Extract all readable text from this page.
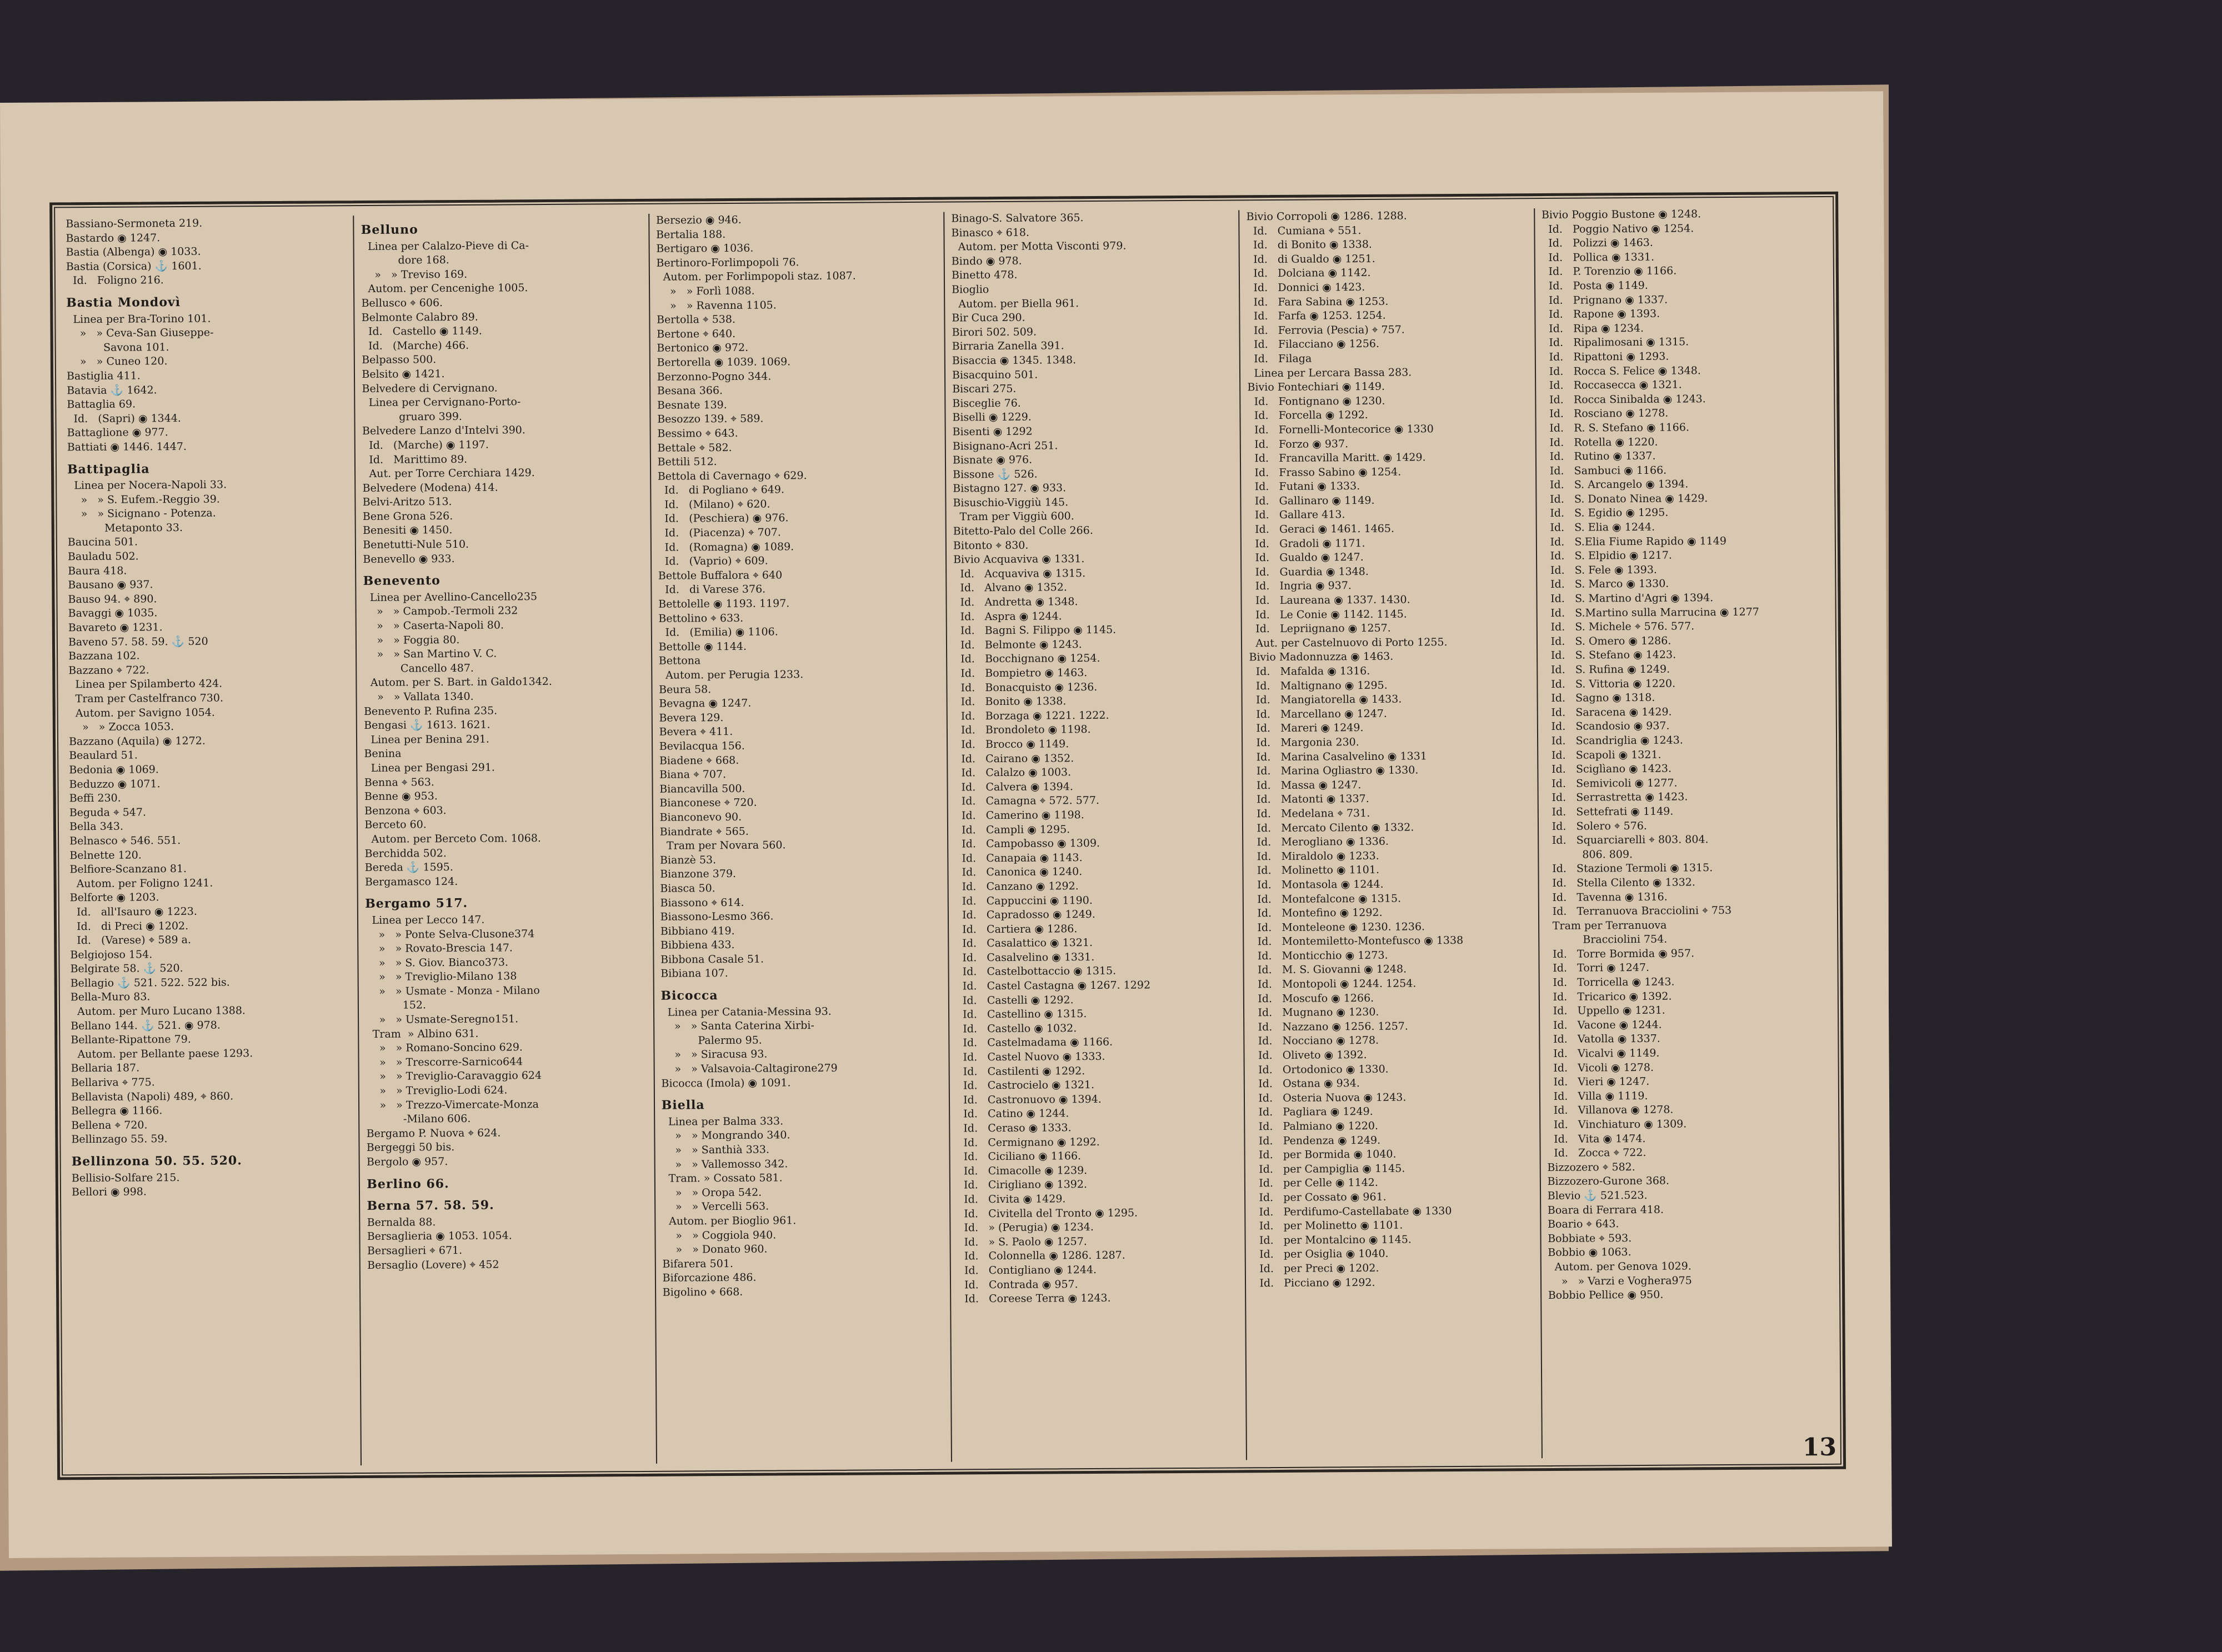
Bassiano-Sermoneta 219.
Bastardo ◉ 1247.
Bastia (Albenga) ◉ 1033.
Bastia (Corsica) ⚓ 1601.
Id.   Foligno 216.
Bastia Mondovì
Linea per Bra-Torino 101.
»   » Ceva-San Giuseppe-
Savona 101.
»   » Cuneo 120.
Bastiglia 411.
Batavia ⚓ 1642.
Battaglia 69.
Id.   (Sapri) ◉ 1344.
Battaglione ◉ 977.
Battiati ◉ 1446. 1447.
Battipaglia
Linea per Nocera-Napoli 33.
»   » S. Eufem.-Reggio 39.
»   » Sicignano - Potenza.
Metaponto 33.
Baucina 501.
Bauladu 502.
Baura 418.
Bausano ◉ 937.
Bauso 94. ⌖ 890.
Bavaggi ◉ 1035.
Bavareto ◉ 1231.
Baveno 57. 58. 59. ⚓ 520
Bazzana 102.
Bazzano ⌖ 722.
Linea per Spilamberto 424.
Tram per Castelfranco 730.
Autom. per Savigno 1054.
»   » Zocca 1053.
Bazzano (Aquila) ◉ 1272.
Beaulard 51.
Bedonia ◉ 1069.
Beduzzo ◉ 1071.
Beffi 230.
Beguda ⌖ 547.
Bella 343.
Belnasco ⌖ 546. 551.
Belnette 120.
Belfiore-Scanzano 81.
Autom. per Foligno 1241.
Belforte ◉ 1203.
Id.   all'Isauro ◉ 1223.
Id.   di Preci ◉ 1202.
Id.   (Varese) ⌖ 589 a.
Belgiojoso 154.
Belgirate 58. ⚓ 520.
Bellagio ⚓ 521. 522. 522 bis.
Bella-Muro 83.
Autom. per Muro Lucano 1388.
Bellano 144. ⚓ 521. ◉ 978.
Bellante-Ripattone 79.
Autom. per Bellante paese 1293.
Bellaria 187.
Bellariva ⌖ 775.
Bellavista (Napoli) 489, ⌖ 860.
Bellegra ◉ 1166.
Bellena ⌖ 720.
Bellinzago 55. 59.
Bellinzona 50. 55. 520.
Bellisio-Solfare 215.
Bellori ◉ 998.
Belluno
Linea per Calalzo-Pieve di Ca-
dore 168.
»   » Treviso 169.
Autom. per Cencenighe 1005.
Bellusco ⌖ 606.
Belmonte Calabro 89.
Id.   Castello ◉ 1149.
Id.   (Marche) 466.
Belpasso 500.
Belsito ◉ 1421.
Belvedere di Cervignano.
Linea per Cervignano-Porto-
gruaro 399.
Belvedere Lanzo d'Intelvi 390.
Id.   (Marche) ◉ 1197.
Id.   Marittimo 89.
Aut. per Torre Cerchiara 1429.
Belvedere (Modena) 414.
Belvi-Aritzo 513.
Bene Grona 526.
Benesiti ◉ 1450.
Benetutti-Nule 510.
Benevello ◉ 933.
Benevento
Linea per Avellino-Cancello235
»   » Campob.-Termoli 232
»   » Caserta-Napoli 80.
»   » Foggia 80.
»   » San Martino V. C.
Cancello 487.
Autom. per S. Bart. in Galdo1342.
»   » Vallata 1340.
Benevento P. Rufina 235.
Bengasi ⚓ 1613. 1621.
Linea per Benina 291.
Benina
Linea per Bengasi 291.
Benna ⌖ 563.
Benne ◉ 953.
Benzona ⌖ 603.
Berceto 60.
Autom. per Berceto Com. 1068.
Berchidda 502.
Bereda ⚓ 1595.
Bergamasco 124.
Bergamo 517.
Linea per Lecco 147.
»   » Ponte Selva-Clusone374
»   » Rovato-Brescia 147.
»   » S. Giov. Bianco373.
»   » Treviglio-Milano 138
»   » Usmate - Monza - Milano
152.
»   » Usmate-Seregno151.
Tram  » Albino 631.
»   » Romano-Soncino 629.
»   » Trescorre-Sarnico644
»   » Treviglio-Caravaggio 624
»   » Treviglio-Lodi 624.
»   » Trezzo-Vimercate-Monza
-Milano 606.
Bergamo P. Nuova ⌖ 624.
Bergeggi 50 bis.
Bergolo ◉ 957.
Berlino 66.
Berna 57. 58. 59.
Bernalda 88.
Bersaglieria ◉ 1053. 1054.
Bersaglieri ⌖ 671.
Bersaglio (Lovere) ⌖ 452
Bersezio ◉ 946.
Bertalia 188.
Bertigaro ◉ 1036.
Bertinoro-Forlimpopoli 76.
Autom. per Forlimpopoli staz. 1087.
»   » Forlì 1088.
»   » Ravenna 1105.
Bertolla ⌖ 538.
Bertone ⌖ 640.
Bertonico ◉ 972.
Bertorella ◉ 1039. 1069.
Berzonno-Pogno 344.
Besana 366.
Besnate 139.
Besozzo 139. ⌖ 589.
Bessimo ⌖ 643.
Bettale ⌖ 582.
Bettili 512.
Bettola di Cavernago ⌖ 629.
Id.   di Pogliano ⌖ 649.
Id.   (Milano) ⌖ 620.
Id.   (Peschiera) ◉ 976.
Id.   (Piacenza) ⌖ 707.
Id.   (Romagna) ◉ 1089.
Id.   (Vaprio) ⌖ 609.
Bettole Buffalora ⌖ 640
Id.   di Varese 376.
Bettolelle ◉ 1193. 1197.
Bettolino ⌖ 633.
Id.   (Emilia) ◉ 1106.
Bettolle ◉ 1144.
Bettona
Autom. per Perugia 1233.
Beura 58.
Bevagna ◉ 1247.
Bevera 129.
Bevera ⌖ 411.
Bevilacqua 156.
Biadene ⌖ 668.
Biana ⌖ 707.
Biancavilla 500.
Bianconese ⌖ 720.
Bianconevo 90.
Biandrate ⌖ 565.
Tram per Novara 560.
Bianzè 53.
Bianzone 379.
Biasca 50.
Biassono ⌖ 614.
Biassono-Lesmo 366.
Bibbiano 419.
Bibbiena 433.
Bibbona Casale 51.
Bibiana 107.
Bicocca
Linea per Catania-Messina 93.
»   » Santa Caterina Xirbi-
Palermo 95.
»   » Siracusa 93.
»   » Valsavoia-Caltagirone279
Bicocca (Imola) ◉ 1091.
Biella
Linea per Balma 333.
»   » Mongrando 340.
»   » Santhià 333.
»   » Vallemosso 342.
Tram. » Cossato 581.
»   » Oropa 542.
»   » Vercelli 563.
Autom. per Bioglio 961.
»   » Coggiola 940.
»   » Donato 960.
Bifarera 501.
Biforcazione 486.
Bigolino ⌖ 668.
Binago-S. Salvatore 365.
Binasco ⌖ 618.
Autom. per Motta Visconti 979.
Bindo ◉ 978.
Binetto 478.
Bioglio
Autom. per Biella 961.
Bir Cuca 290.
Birori 502. 509.
Birraria Zanella 391.
Bisaccia ◉ 1345. 1348.
Bisacquino 501.
Biscari 275.
Bisceglie 76.
Biselli ◉ 1229.
Bisenti ◉ 1292
Bisignano-Acri 251.
Bisnate ◉ 976.
Bissone ⚓ 526.
Bistagno 127. ◉ 933.
Bisuschio-Viggiù 145.
Tram per Viggiù 600.
Bitetto-Palo del Colle 266.
Bitonto ⌖ 830.
Bivio Acquaviva ◉ 1331.
Id.   Acquaviva ◉ 1315.
Id.   Alvano ◉ 1352.
Id.   Andretta ◉ 1348.
Id.   Aspra ◉ 1244.
Id.   Bagni S. Filippo ◉ 1145.
Id.   Belmonte ◉ 1243.
Id.   Bocchignano ◉ 1254.
Id.   Bompietro ◉ 1463.
Id.   Bonacquisto ◉ 1236.
Id.   Bonito ◉ 1338.
Id.   Borzaga ◉ 1221. 1222.
Id.   Brondoleto ◉ 1198.
Id.   Brocco ◉ 1149.
Id.   Cairano ◉ 1352.
Id.   Calalzo ◉ 1003.
Id.   Calvera ◉ 1394.
Id.   Camagna ⌖ 572. 577.
Id.   Camerino ◉ 1198.
Id.   Campli ◉ 1295.
Id.   Campobasso ◉ 1309.
Id.   Canapaia ◉ 1143.
Id.   Canonica ◉ 1240.
Id.   Canzano ◉ 1292.
Id.   Cappuccini ◉ 1190.
Id.   Capradosso ◉ 1249.
Id.   Cartiera ◉ 1286.
Id.   Casalattico ◉ 1321.
Id.   Casalvelino ◉ 1331.
Id.   Castelbottaccio ◉ 1315.
Id.   Castel Castagna ◉ 1267. 1292
Id.   Castelli ◉ 1292.
Id.   Castellino ◉ 1315.
Id.   Castello ◉ 1032.
Id.   Castelmadama ◉ 1166.
Id.   Castel Nuovo ◉ 1333.
Id.   Castilenti ◉ 1292.
Id.   Castrocielo ◉ 1321.
Id.   Castronuovo ◉ 1394.
Id.   Catino ◉ 1244.
Id.   Ceraso ◉ 1333.
Id.   Cermignano ◉ 1292.
Id.   Ciciliano ◉ 1166.
Id.   Cimacolle ◉ 1239.
Id.   Cirigliano ◉ 1392.
Id.   Civita ◉ 1429.
Id.   Civitella del Tronto ◉ 1295.
Id.   » (Perugia) ◉ 1234.
Id.   » S. Paolo ◉ 1257.
Id.   Colonnella ◉ 1286. 1287.
Id.   Contigliano ◉ 1244.
Id.   Contrada ◉ 957.
Id.   Coreese Terra ◉ 1243.
Bivio Corropoli ◉ 1286. 1288.
Id.   Cumiana ⌖ 551.
Id.   di Bonito ◉ 1338.
Id.   di Gualdo ◉ 1251.
Id.   Dolciana ◉ 1142.
Id.   Donnici ◉ 1423.
Id.   Fara Sabina ◉ 1253.
Id.   Farfa ◉ 1253. 1254.
Id.   Ferrovia (Pescia) ⌖ 757.
Id.   Filacciano ◉ 1256.
Id.   Filaga
Linea per Lercara Bassa 283.
Bivio Fontechiari ◉ 1149.
Id.   Fontignano ◉ 1230.
Id.   Forcella ◉ 1292.
Id.   Fornelli-Montecorice ◉ 1330
Id.   Forzo ◉ 937.
Id.   Francavilla Maritt. ◉ 1429.
Id.   Frasso Sabino ◉ 1254.
Id.   Futani ◉ 1333.
Id.   Gallinaro ◉ 1149.
Id.   Gallare 413.
Id.   Geraci ◉ 1461. 1465.
Id.   Gradoli ◉ 1171.
Id.   Gualdo ◉ 1247.
Id.   Guardia ◉ 1348.
Id.   Ingria ◉ 937.
Id.   Laureana ◉ 1337. 1430.
Id.   Le Conie ◉ 1142. 1145.
Id.   Lepriignano ◉ 1257.
Aut. per Castelnuovo di Porto 1255.
Bivio Madonnuzza ◉ 1463.
Id.   Mafalda ◉ 1316.
Id.   Maltignano ◉ 1295.
Id.   Mangiatorella ◉ 1433.
Id.   Marcellano ◉ 1247.
Id.   Mareri ◉ 1249.
Id.   Margonia 230.
Id.   Marina Casalvelino ◉ 1331
Id.   Marina Ogliastro ◉ 1330.
Id.   Massa ◉ 1247.
Id.   Matonti ◉ 1337.
Id.   Medelana ⌖ 731.
Id.   Mercato Cilento ◉ 1332.
Id.   Merogliano ◉ 1336.
Id.   Miraldolo ◉ 1233.
Id.   Molinetto ◉ 1101.
Id.   Montasola ◉ 1244.
Id.   Montefalcone ◉ 1315.
Id.   Montefino ◉ 1292.
Id.   Monteleone ◉ 1230. 1236.
Id.   Montemiletto-Montefusco ◉ 1338
Id.   Monticchio ◉ 1273.
Id.   M. S. Giovanni ◉ 1248.
Id.   Montopoli ◉ 1244. 1254.
Id.   Moscufo ◉ 1266.
Id.   Mugnano ◉ 1230.
Id.   Nazzano ◉ 1256. 1257.
Id.   Nocciano ◉ 1278.
Id.   Oliveto ◉ 1392.
Id.   Ortodonico ◉ 1330.
Id.   Ostana ◉ 934.
Id.   Osteria Nuova ◉ 1243.
Id.   Pagliara ◉ 1249.
Id.   Palmiano ◉ 1220.
Id.   Pendenza ◉ 1249.
Id.   per Bormida ◉ 1040.
Id.   per Campiglia ◉ 1145.
Id.   per Celle ◉ 1142.
Id.   per Cossato ◉ 961.
Id.   Perdifumo-Castellabate ◉ 1330
Id.   per Molinetto ◉ 1101.
Id.   per Montalcino ◉ 1145.
Id.   per Osiglia ◉ 1040.
Id.   per Preci ◉ 1202.
Id.   Picciano ◉ 1292.
Bivio Poggio Bustone ◉ 1248.
Id.   Poggio Nativo ◉ 1254.
Id.   Polizzi ◉ 1463.
Id.   Pollica ◉ 1331.
Id.   P. Torenzio ◉ 1166.
Id.   Posta ◉ 1149.
Id.   Prignano ◉ 1337.
Id.   Rapone ◉ 1393.
Id.   Ripa ◉ 1234.
Id.   Ripalimosani ◉ 1315.
Id.   Ripattoni ◉ 1293.
Id.   Rocca S. Felice ◉ 1348.
Id.   Roccasecca ◉ 1321.
Id.   Rocca Sinibalda ◉ 1243.
Id.   Rosciano ◉ 1278.
Id.   R. S. Stefano ◉ 1166.
Id.   Rotella ◉ 1220.
Id.   Rutino ◉ 1337.
Id.   Sambuci ◉ 1166.
Id.   S. Arcangelo ◉ 1394.
Id.   S. Donato Ninea ◉ 1429.
Id.   S. Egidio ◉ 1295.
Id.   S. Elia ◉ 1244.
Id.   S.Elia Fiume Rapido ◉ 1149
Id.   S. Elpidio ◉ 1217.
Id.   S. Fele ◉ 1393.
Id.   S. Marco ◉ 1330.
Id.   S. Martino d'Agri ◉ 1394.
Id.   S.Martino sulla Marrucina ◉ 1277
Id.   S. Michele ⌖ 576. 577.
Id.   S. Omero ◉ 1286.
Id.   S. Stefano ◉ 1423.
Id.   S. Rufina ◉ 1249.
Id.   S. Vittoria ◉ 1220.
Id.   Sagno ◉ 1318.
Id.   Saracena ◉ 1429.
Id.   Scandosio ◉ 937.
Id.   Scandriglia ◉ 1243.
Id.   Scapoli ◉ 1321.
Id.   Sciglìano ◉ 1423.
Id.   Semivicoli ◉ 1277.
Id.   Serrastretta ◉ 1423.
Id.   Settefrati ◉ 1149.
Id.   Solero ⌖ 576.
Id.   Squarciarelli ⌖ 803. 804.
806. 809.
Id.   Stazione Termoli ◉ 1315.
Id.   Stella Cilento ◉ 1332.
Id.   Tavenna ◉ 1316.
Id.   Terranuova Bracciolini ⌖ 753
Tram per Terranuova
Bracciolini 754.
Id.   Torre Bormida ◉ 957.
Id.   Torri ◉ 1247.
Id.   Torricella ◉ 1243.
Id.   Tricarico ◉ 1392.
Id.   Uppello ◉ 1231.
Id.   Vacone ◉ 1244.
Id.   Vatolla ◉ 1337.
Id.   Vicalvi ◉ 1149.
Id.   Vicoli ◉ 1278.
Id.   Vieri ◉ 1247.
Id.   Villa ◉ 1119.
Id.   Villanova ◉ 1278.
Id.   Vinchiaturo ◉ 1309.
Id.   Vita ◉ 1474.
Id.   Zocca ⌖ 722.
Bizzozero ⌖ 582.
Bizzozero-Gurone 368.
Blevio ⚓ 521.523.
Boara di Ferrara 418.
Boario ⌖ 643.
Bobbiate ⌖ 593.
Bobbio ◉ 1063.
Autom. per Genova 1029.
»   » Varzi e Voghera975
Bobbio Pellice ◉ 950.
13
